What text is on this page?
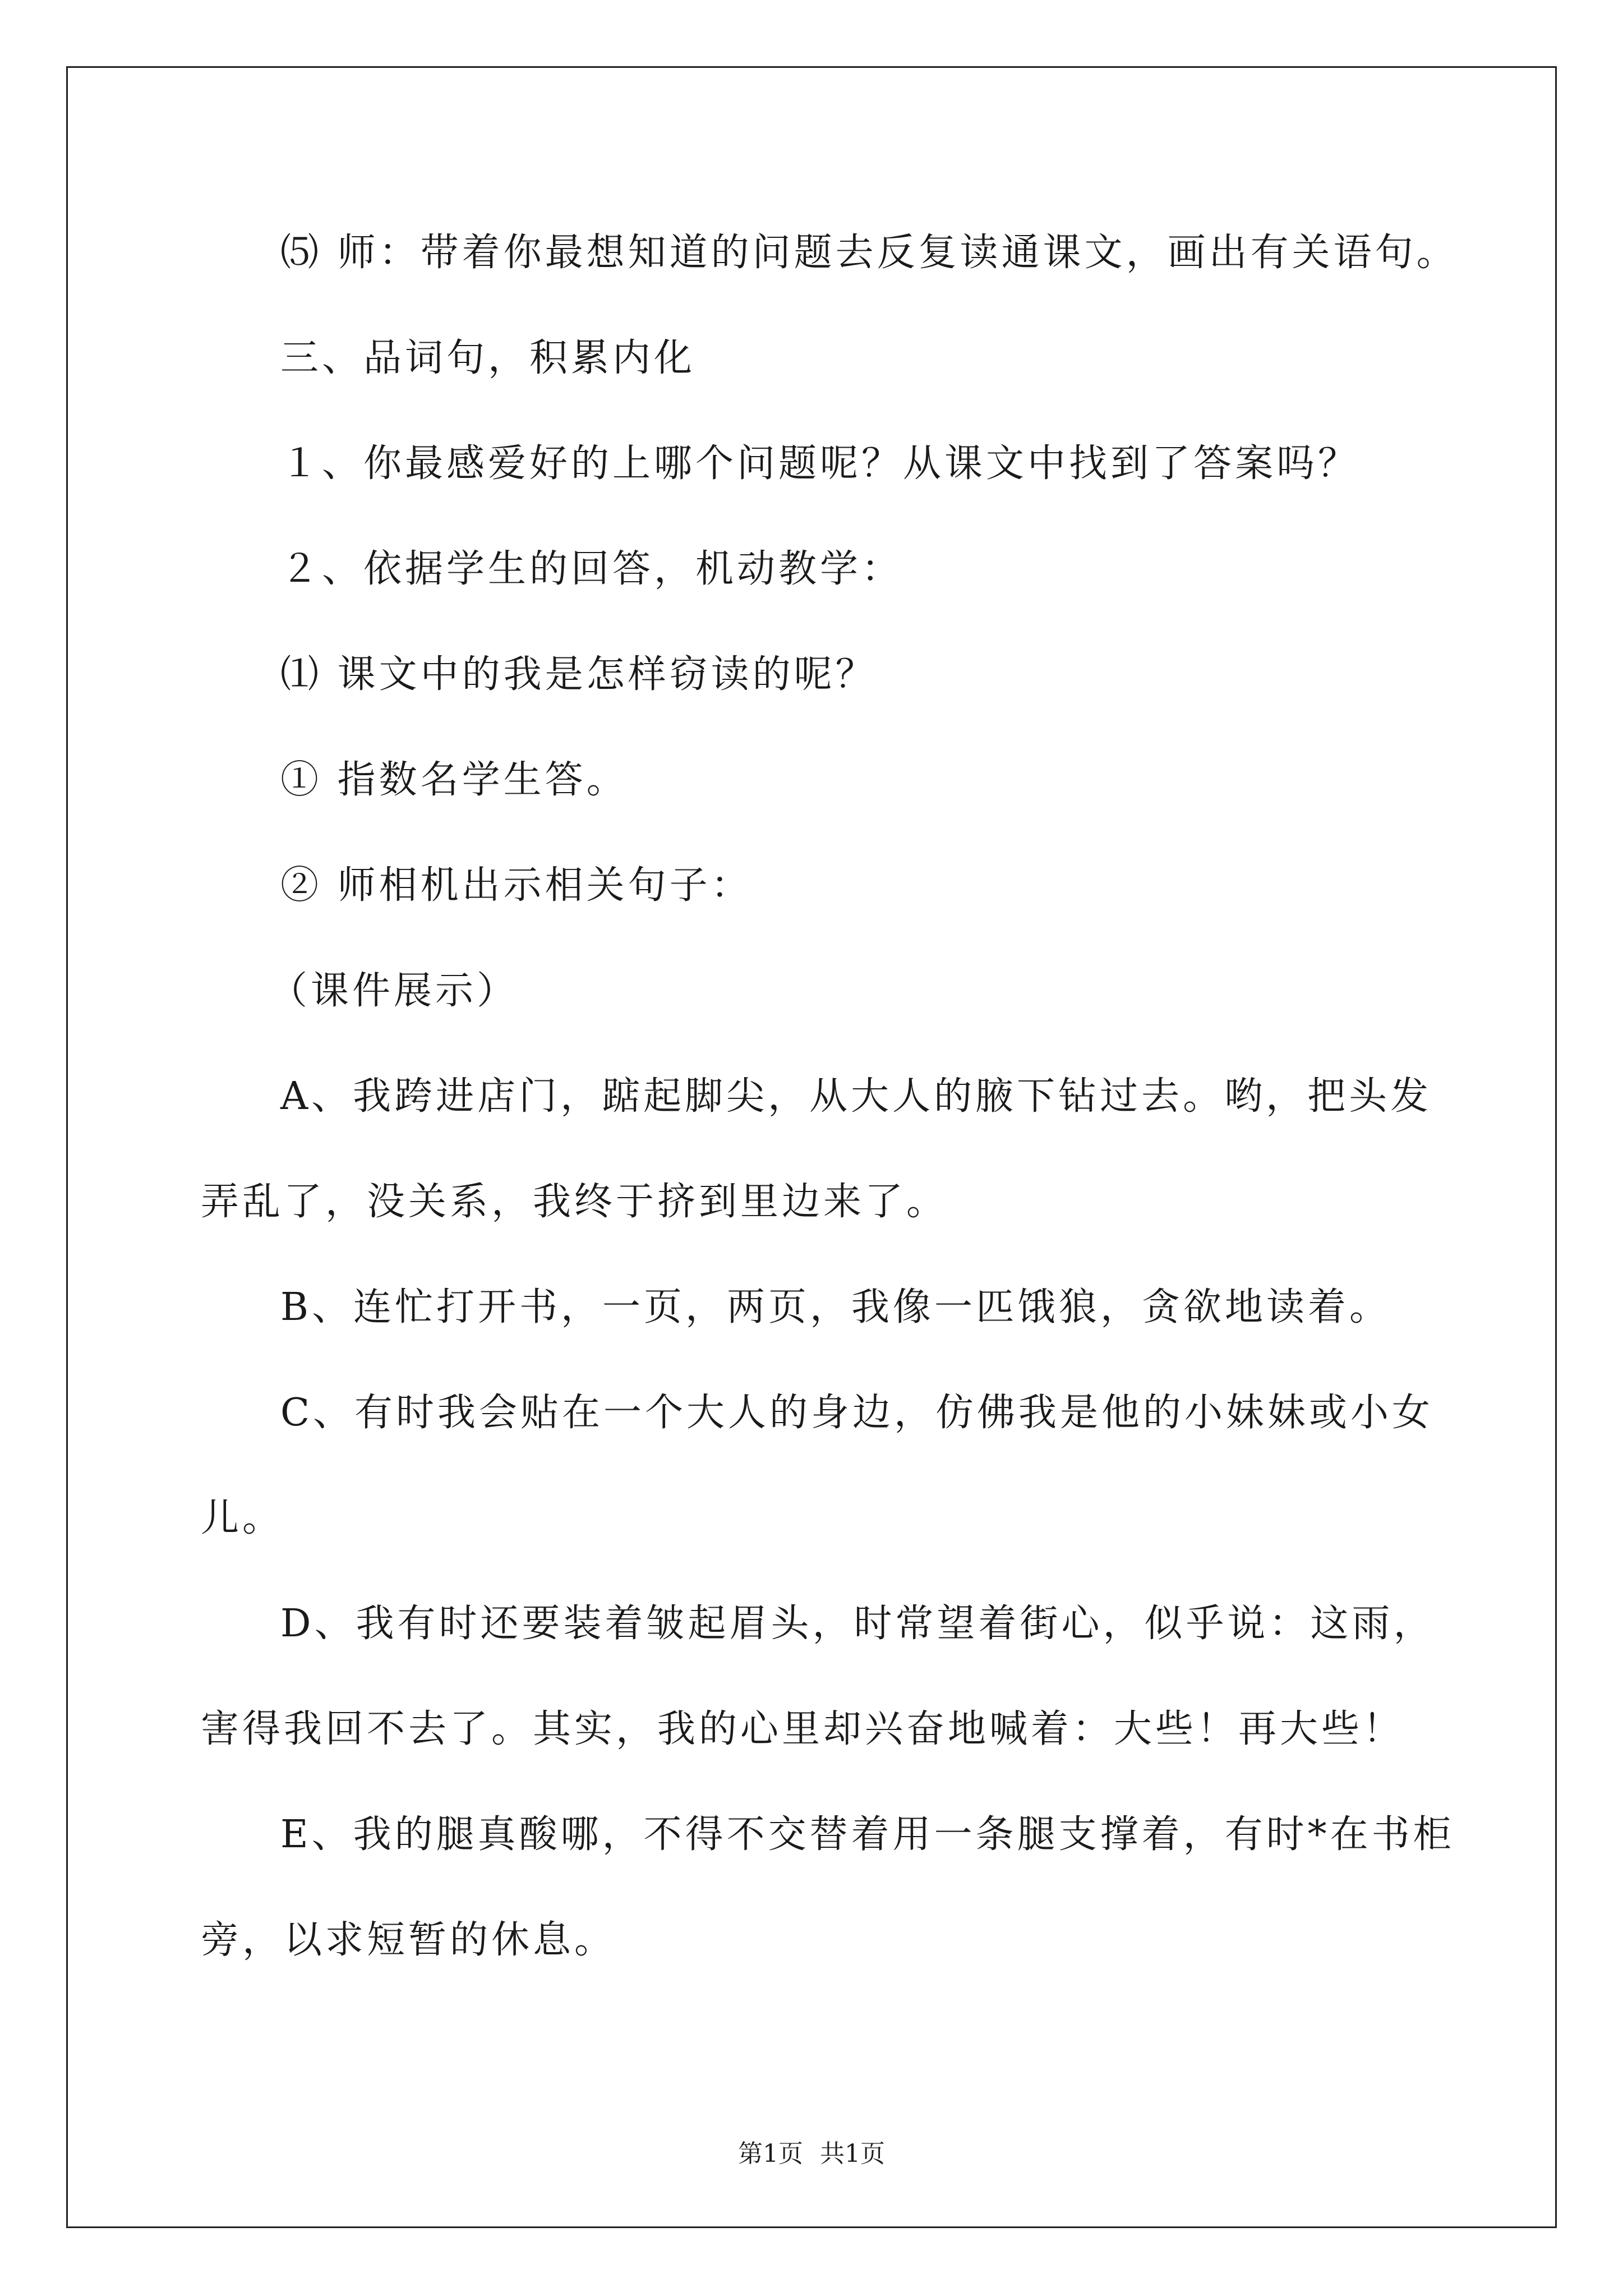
⑸ 师：带着你最想知道的问题去反复读通课文，画出有关语句。
三、品词句，积累内化
１、你最感爱好的上哪个问题呢？从课文中找到了答案吗？
２、依据学生的回答，机动教学：
⑴ 课文中的我是怎样窃读的呢？
① 指数名学生答。
② 师相机出示相关句子：
（课件展示）
A、我跨进店门，踮起脚尖，从大人的腋下钻过去。哟，把头发
弄乱了，没关系，我终于挤到里边来了。
B、连忙打开书，一页，两页，我像一匹饿狼，贪欲地读着。
C、有时我会贴在一个大人的身边，仿佛我是他的小妹妹或小女
儿。
D、我有时还要装着皱起眉头，时常望着街心，似乎说：这雨，
害得我回不去了。其实，我的心里却兴奋地喊着：大些！再大些！
E、我的腿真酸哪，不得不交替着用一条腿支撑着，有时*在书柜
旁，以求短暂的休息。
第1页 共1页
